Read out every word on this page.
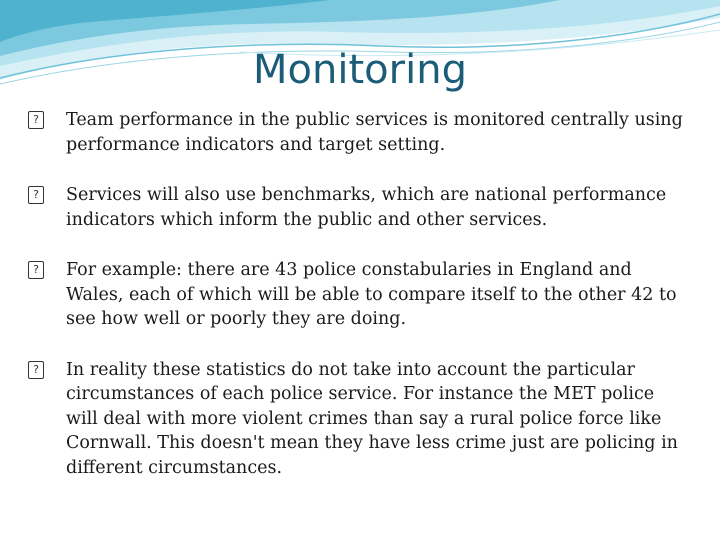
Monitoring
? Team performance in the public services is monitored centrally using performance indicators and target setting.
? Services will also use benchmarks, which are national performance indicators which inform the public and other services.
? For example: there are 43 police constabularies in England and Wales, each of which will be able to compare itself to the other 42 to see how well or poorly they are doing.
? In reality these statistics do not take into account the particular circumstances of each police service. For instance the MET police will deal with more violent crimes than say a rural police force like Cornwall. This doesn't mean they have less crime just are policing in different circumstances.
